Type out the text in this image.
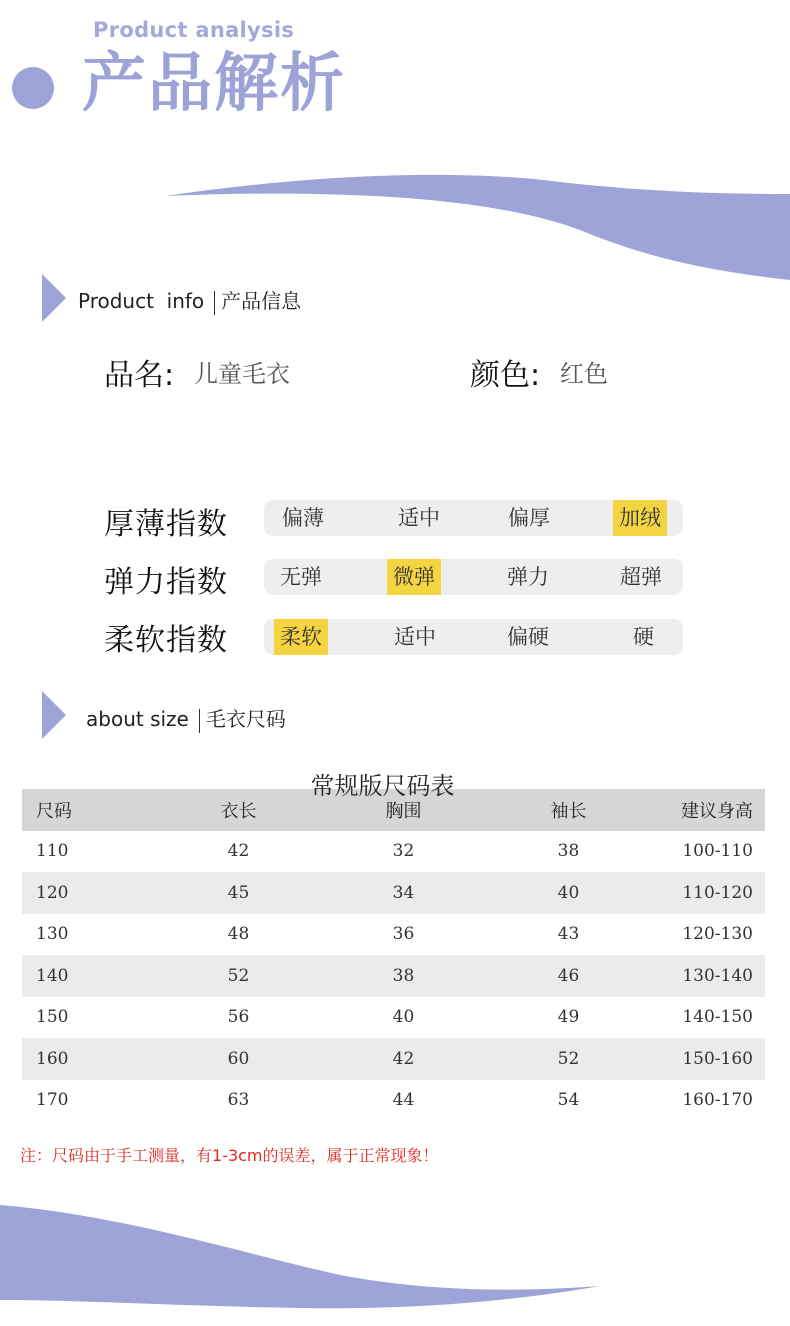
Product analysis
产品解析
Product  info 产品信息
品名: 儿童毛衣	颜色: 红色
厚薄指数	偏薄	适中	偏厚	加绒
弹力指数 无弹	微弹	弹力	超弹
柔软指数 柔软	适中	偏硬	硬
about size 毛衣尺码
尺码	衣长	胸围	袖长	建议身高
110	42	32	38	100-110
120	45	34	40	110-120
130	48	36	43	120-130
140	52	38	46	130-140
150	56	40	49	140-150
160	60	42	52	150-160
170	63	44	54	160-170
常规版尺码表
注：尺码由于手工测量，有1-3cm的误差，属于正常现象！
